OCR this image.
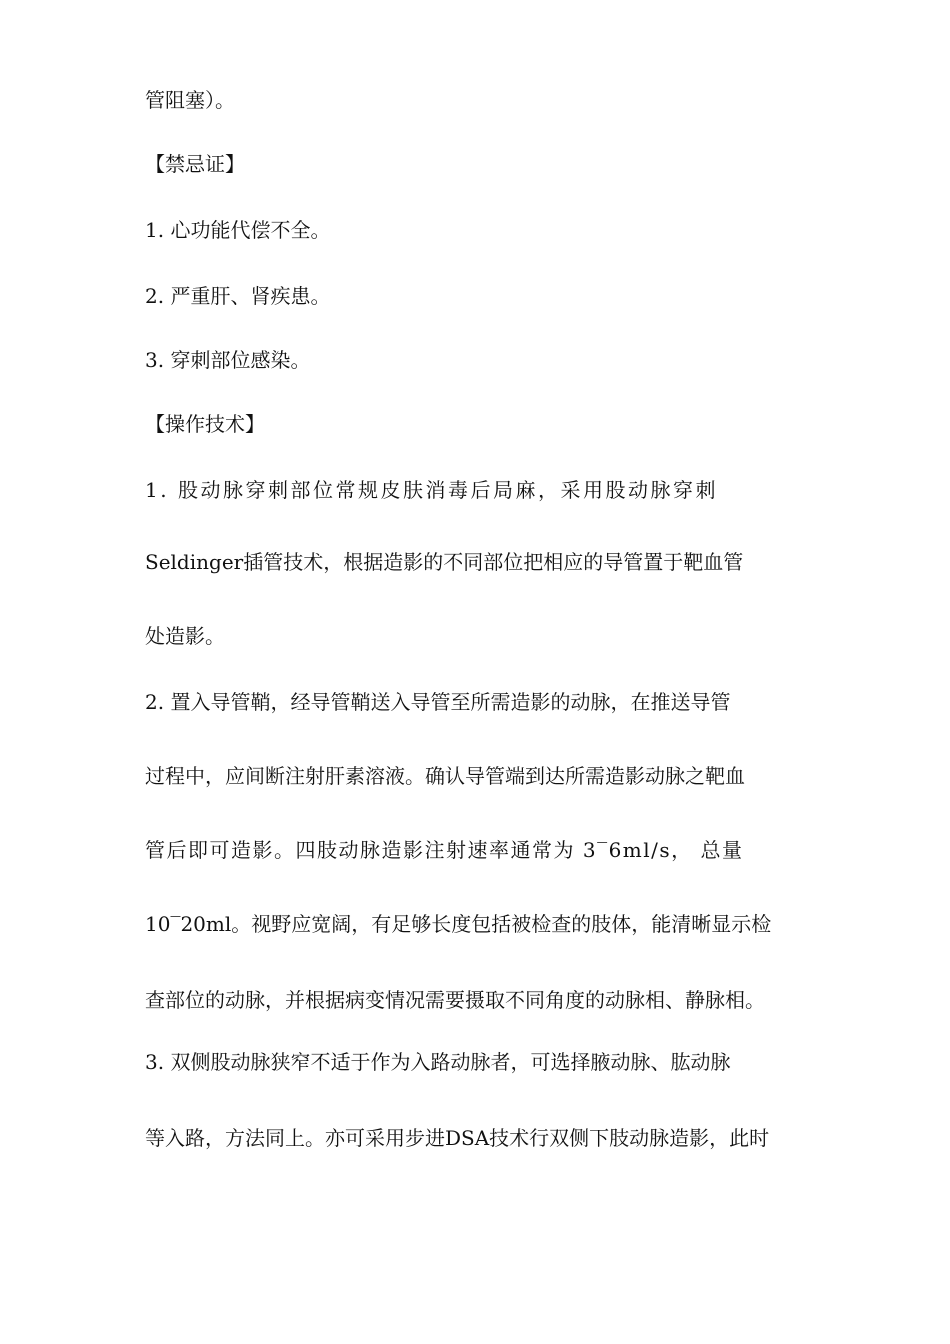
管阻塞）。

【禁忌证】

1. 心功能代偿不全。

2. 严重肝、肾疾患。

3. 穿刺部位感染。

【操作技术】

1. 股动脉穿刺部位常规皮肤消毒后局麻，采用股动脉穿刺

Seldinger插管技术，根据造影的不同部位把相应的导管置于靶血管

处造影。

2. 置入导管鞘，经导管鞘送入导管至所需造影的动脉，在推送导管

过程中，应间断注射肝素溶液。确认导管端到达所需造影动脉之靶血

管后即可造影。四肢动脉造影注射速率通常为 3‾6ml/s， 总量

10‾20ml。视野应宽阔，有足够长度包括被检查的肢体，能清晰显示检

查部位的动脉，并根据病变情况需要摄取不同角度的动脉相、静脉相。

3. 双侧股动脉狭窄不适于作为入路动脉者，可选择腋动脉、肱动脉

等入路，方法同上。亦可采用步进DSA技术行双侧下肢动脉造影，此时
